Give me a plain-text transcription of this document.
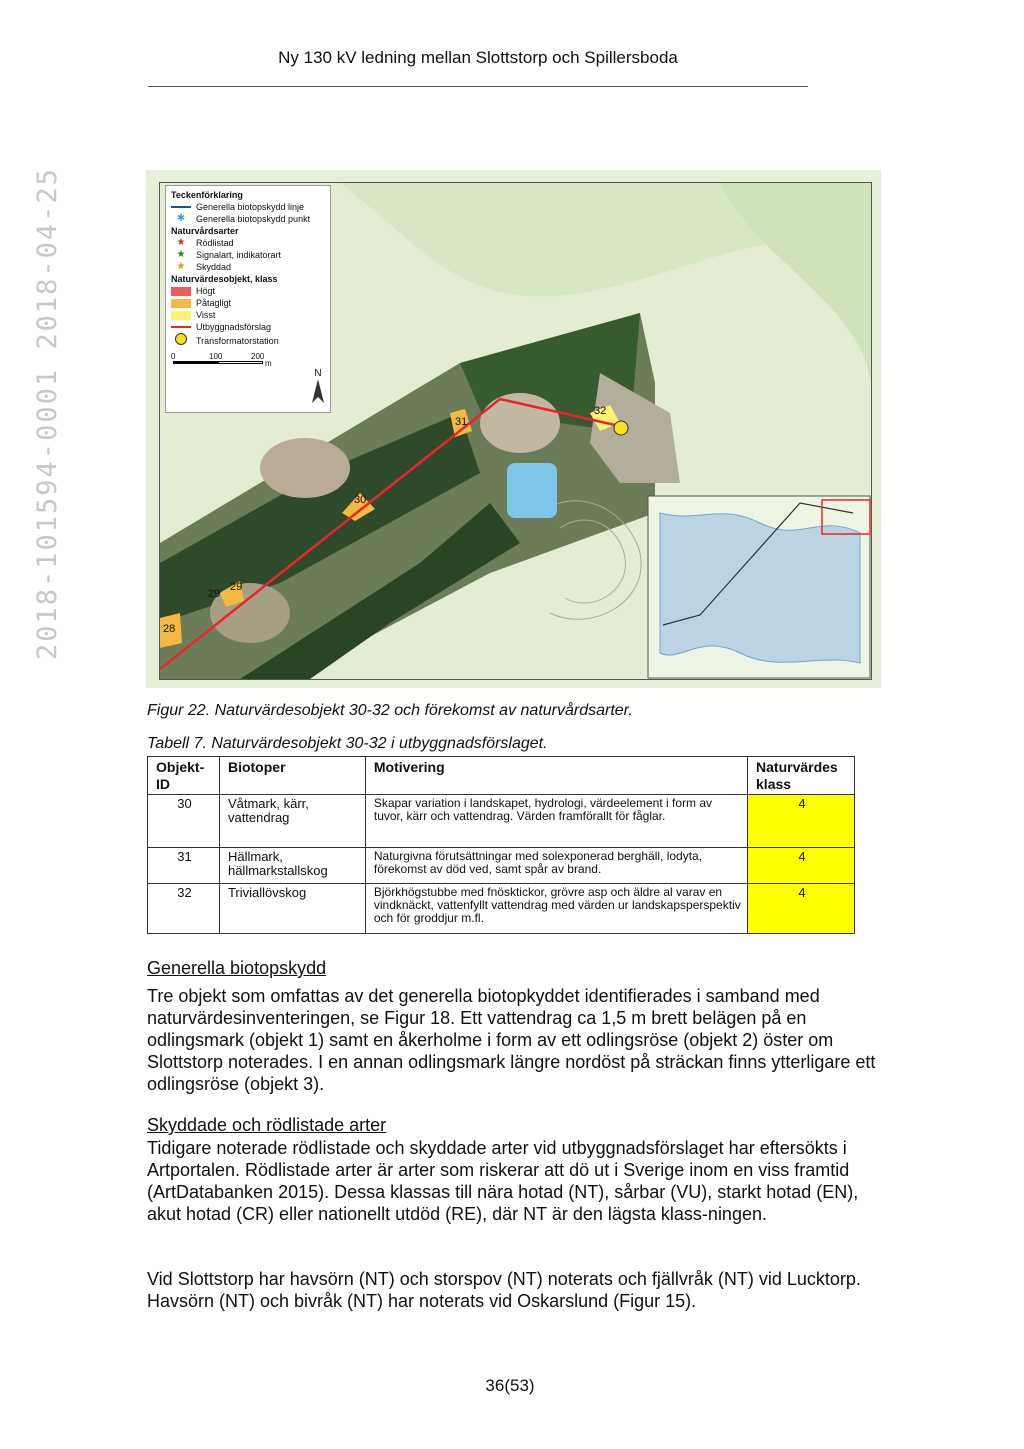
Ny 130 kV ledning mellan Slottstorp och Spillersboda
2018-101594-0001 2018-04-25	28
29
29
30
31
32
Teckenförklaring
Generella biotopskydd linje
✱	Generella biotopskydd punkt
Naturvårdsarter
★	Rödlistad
★	Signalart, indikatorart
★	Skyddad
Naturvärdesobjekt, klass
Högt
Påtagligt
Visst
Utbyggnadsförslag
Transformatorstation
0	100	200
m
N
Figur 22. Naturvärdesobjekt 30-32 och förekomst av naturvårdsarter.
Tabell 7. Naturvärdesobjekt 30-32 i utbyggnadsförslaget.
Objekt-ID	Biotoper	Motivering	Naturvärdes klass
30	Våtmark, kärr, vattendrag	Skapar variation i landskapet, hydrologi, värdeelement i form av tuvor, kärr och vattendrag. Värden framförallt för fåglar.	4
31	Hällmark, hällmarkstallskog	Naturgivna förutsättningar med solexponerad berghäll, lodyta, förekomst av död ved, samt spår av brand.	4
32	Triviallövskog	Björkhögstubbe med fnösktickor, grövre asp och äldre al varav en vindknäckt, vattenfyllt vattendrag med värden ur landskapsperspektiv och för groddjur m.fl.	4
Generella biotopskydd
Tre objekt som omfattas av det generella biotopkyddet identifierades i samband med naturvärdesinventeringen, se Figur 18. Ett vattendrag ca 1,5 m brett belägen på en odlingsmark (objekt 1) samt en åkerholme i form av ett odlingsröse (objekt 2) öster om Slottstorp noterades. I en annan odlingsmark längre nordöst på sträckan finns ytterligare ett odlingsröse (objekt 3).
Skyddade och rödlistade arter
Tidigare noterade rödlistade och skyddade arter vid utbyggnadsförslaget har eftersökts i Artportalen. Rödlistade arter är arter som riskerar att dö ut i Sverige inom en viss framtid (ArtDatabanken 2015). Dessa klassas till nära hotad (NT), sårbar (VU), starkt hotad (EN), akut hotad (CR) eller nationellt utdöd (RE), där NT är den lägsta klass-ningen.
Vid Slottstorp har havsörn (NT) och storspov (NT) noterats och fjällvråk (NT) vid Lucktorp. Havsörn (NT) och bivråk (NT) har noterats vid Oskarslund (Figur 15).
36(53)
